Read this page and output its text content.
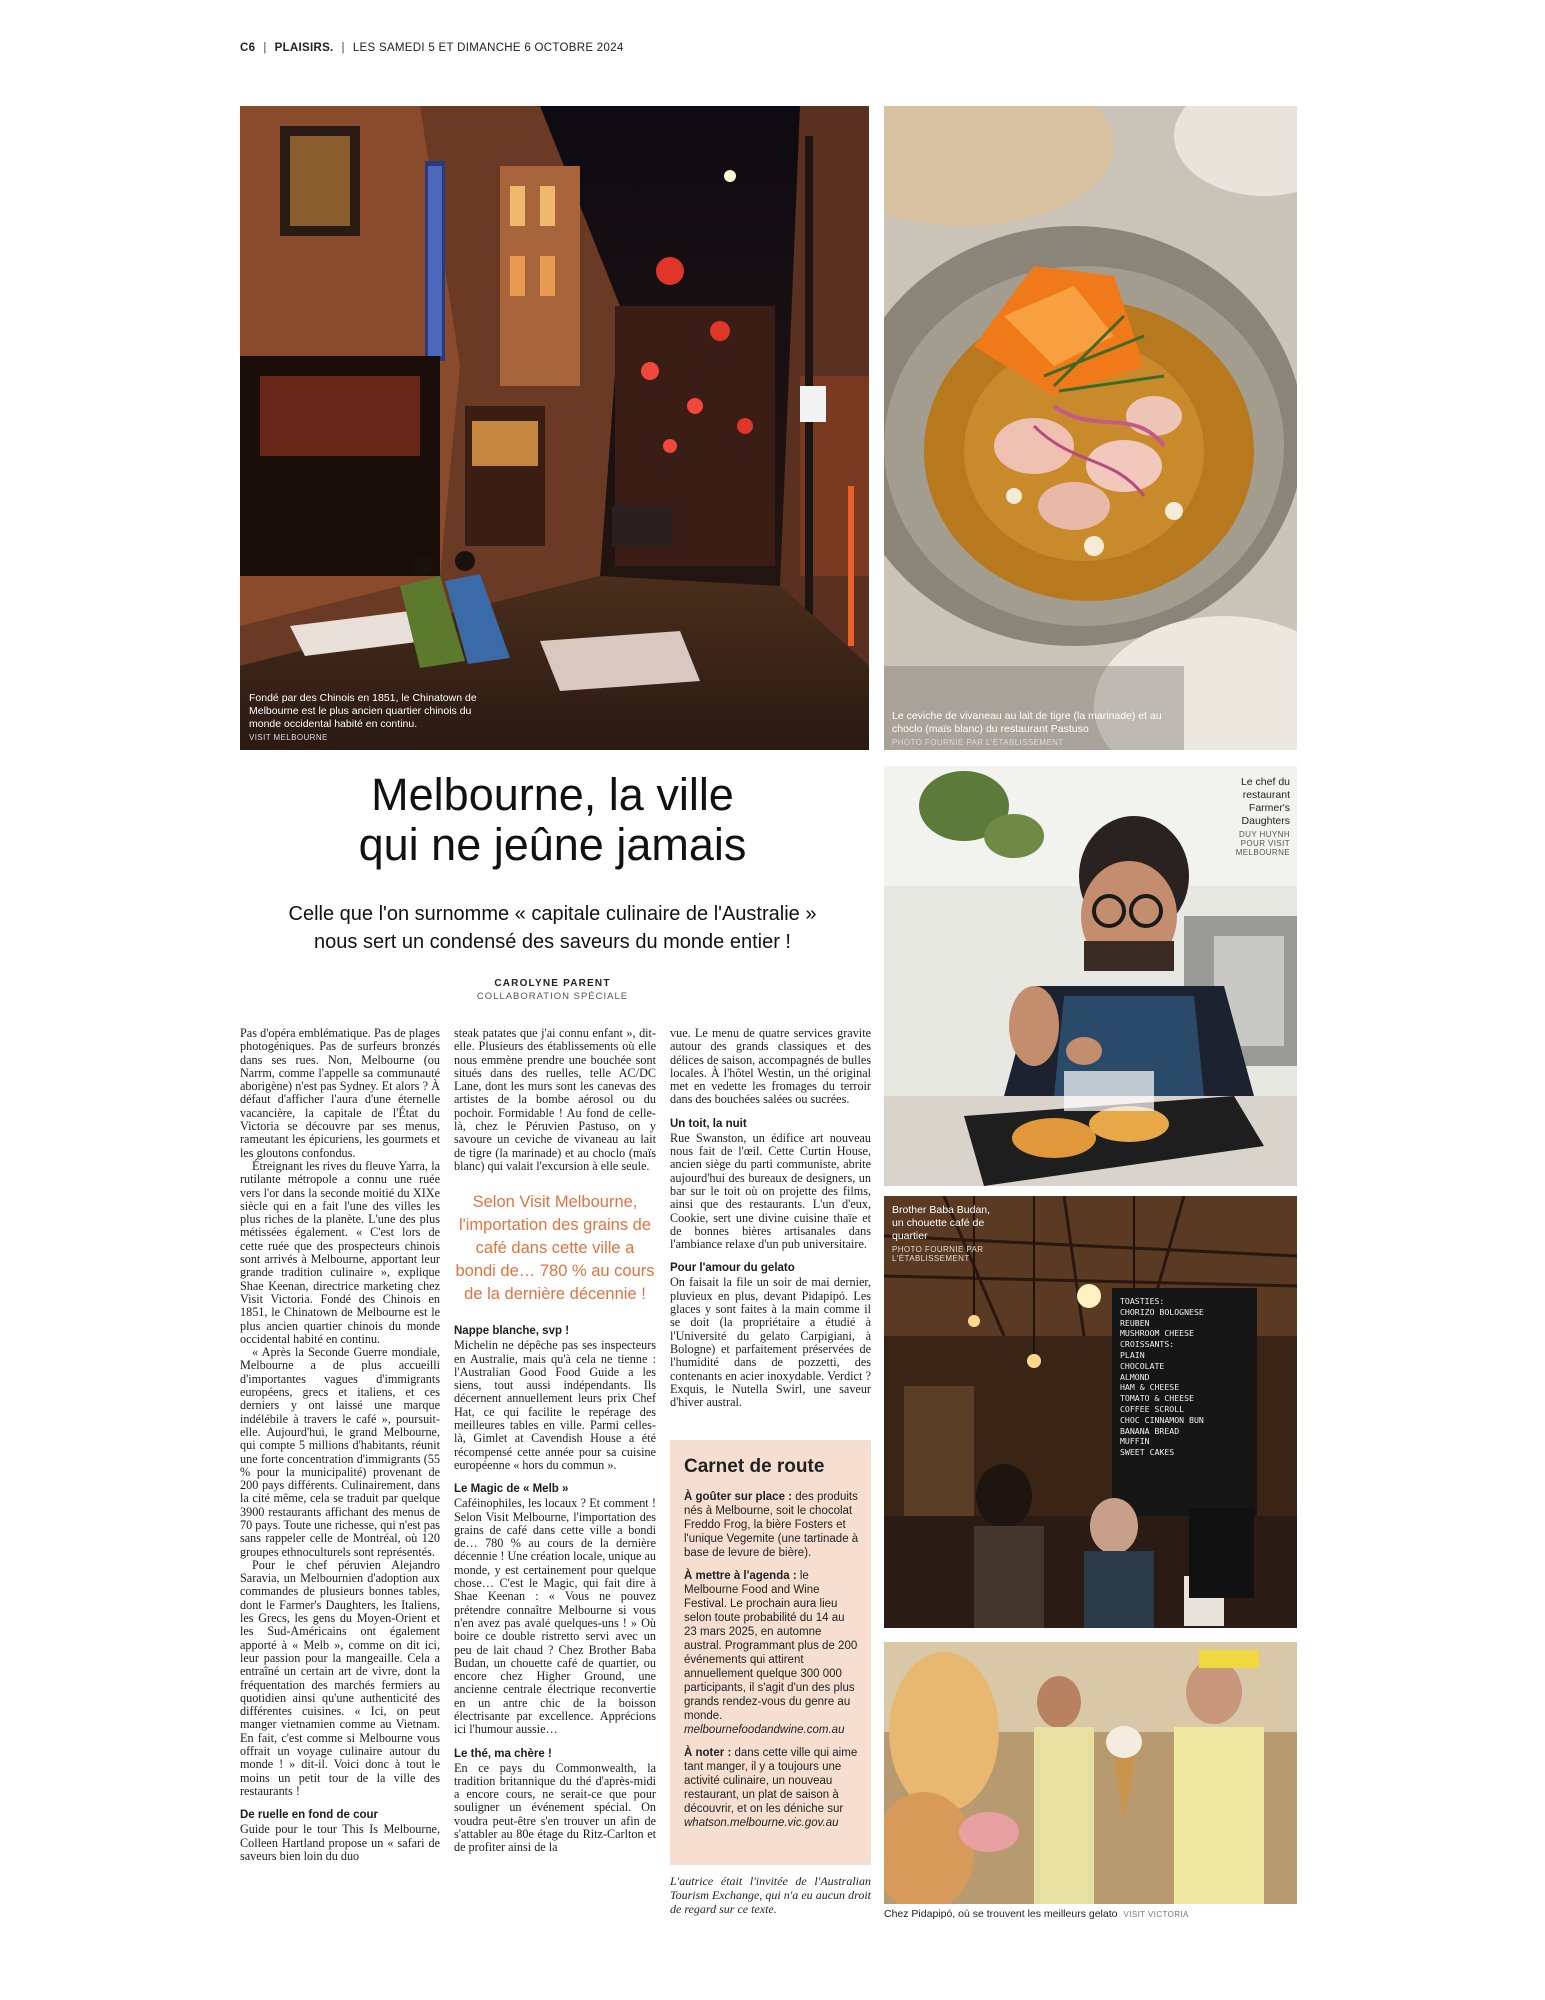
C6 | PLAISIRS. | LES SAMEDI 5 ET DIMANCHE 6 OCTOBRE 2024
Fondé par des Chinois en 1851, le Chinatown de Melbourne est le plus ancien quartier chinois du monde occidental habité en continu.
VISIT MELBOURNE
Le ceviche de vivaneau au lait de tigre (la marinade) et au choclo (maïs blanc) du restaurant Pastuso
PHOTO FOURNIE PAR L'ÉTABLISSEMENT
Le chef du restaurant Farmer's Daughters
DUY HUYNH POUR VISIT MELBOURNE
TOASTIES:
CHORIZO BOLOGNESE
REUBEN
MUSHROOM CHEESE
CROISSANTS:
PLAIN
CHOCOLATE
ALMOND
HAM & CHEESE
TOMATO & CHEESE
COFFEE SCROLL
CHOC CINNAMON BUN
BANANA BREAD
MUFFIN
SWEET CAKES
Brother Baba Budan, un chouette café de quartier
PHOTO FOURNIE PAR L'ÉTABLISSEMENT
Melbourne, la ville
qui ne jeûne jamais
Celle que l'on surnomme « capitale culinaire de l'Australie »
nous sert un condensé des saveurs du monde entier !
CAROLYNE PARENT
COLLABORATION SPÉCIALE

Pas d'opéra emblématique. Pas de plages photogéniques. Pas de surfeurs bronzés dans ses rues. Non, Melbourne (ou Narrm, comme l'appelle sa communauté aborigène) n'est pas Sydney. Et alors ? À défaut d'afficher l'aura d'une éternelle vacancière, la capitale de l'État du Victoria se découvre par ses menus, rameutant les épicuriens, les gourmets et les gloutons confondus.

Étreignant les rives du fleuve Yarra, la rutilante métropole a connu une ruée vers l'or dans la seconde moitié du XIXe siècle qui en a fait l'une des villes les plus riches de la planète. L'une des plus métissées également. « C'est lors de cette ruée que des prospecteurs chinois sont arrivés à Melbourne, apportant leur grande tradition culinaire », explique Shae Keenan, directrice marketing chez Visit Victoria. Fondé des Chinois en 1851, le Chinatown de Melbourne est le plus ancien quartier chinois du monde occidental habité en continu.

« Après la Seconde Guerre mondiale, Melbourne a de plus accueilli d'importantes vagues d'immigrants européens, grecs et italiens, et ces derniers y ont laissé une marque indélébile à travers le café », poursuit-elle. Aujourd'hui, le grand Melbourne, qui compte 5 millions d'habitants, réunit une forte concentration d'immigrants (55 % pour la municipalité) provenant de 200 pays différents. Culinairement, dans la cité même, cela se traduit par quelque 3900 restaurants affichant des menus de 70 pays. Toute une richesse, qui n'est pas sans rappeler celle de Montréal, où 120 groupes ethnoculturels sont représentés.

Pour le chef péruvien Alejandro Saravia, un Melbournien d'adoption aux commandes de plusieurs bonnes tables, dont le Farmer's Daughters, les Italiens, les Grecs, les gens du Moyen-Orient et les Sud-Américains ont également apporté à « Melb », comme on dit ici, leur passion pour la mangeaille. Cela a entraîné un certain art de vivre, dont la fréquentation des marchés fermiers au quotidien ainsi qu'une authenticité des différentes cuisines. « Ici, on peut manger vietnamien comme au Vietnam. En fait, c'est comme si Melbourne vous offrait un voyage culinaire autour du monde ! » dit-il. Voici donc à tout le moins un petit tour de la ville des restaurants !

De ruelle en fond de cour

Guide pour le tour This Is Melbourne, Colleen Hartland propose un « safari de saveurs bien loin du duo

steak patates que j'ai connu enfant », dit-elle. Plusieurs des établissements où elle nous emmène prendre une bouchée sont situés dans des ruelles, telle AC/DC Lane, dont les murs sont les canevas des artistes de la bombe aérosol ou du pochoir. Formidable ! Au fond de celle-là, chez le Péruvien Pastuso, on y savoure un ceviche de vivaneau au lait de tigre (la marinade) et au choclo (maïs blanc) qui valait l'excursion à elle seule.

Selon Visit Melbourne, l'importation des grains de café dans cette ville a bondi de… 780 % au cours de la dernière décennie !
Nappe blanche, svp !

Michelin ne dépêche pas ses inspecteurs en Australie, mais qu'à cela ne tienne : l'Australian Good Food Guide a les siens, tout aussi indépendants. Ils décernent annuellement leurs prix Chef Hat, ce qui facilite le repérage des meilleures tables en ville. Parmi celles-là, Gimlet at Cavendish House a été récompensé cette année pour sa cuisine européenne « hors du commun ».

Le Magic de « Melb »

Caféinophiles, les locaux ? Et comment ! Selon Visit Melbourne, l'importation des grains de café dans cette ville a bondi de… 780 % au cours de la dernière décennie ! Une création locale, unique au monde, y est certainement pour quelque chose… C'est le Magic, qui fait dire à Shae Keenan : « Vous ne pouvez prétendre connaître Melbourne si vous n'en avez pas avalé quelques-uns ! » Où boire ce double ristretto servi avec un peu de lait chaud ? Chez Brother Baba Budan, un chouette café de quartier, ou encore chez Higher Ground, une ancienne centrale électrique reconvertie en un antre chic de la boisson électrisante par excellence. Apprécions ici l'humour aussie…

Le thé, ma chère !

En ce pays du Commonwealth, la tradition britannique du thé d'après-midi a encore cours, ne serait-ce que pour souligner un événement spécial. On voudra peut-être s'en trouver un afin de s'attabler au 80e étage du Ritz-Carlton et de profiter ainsi de la

vue. Le menu de quatre services gravite autour des grands classiques et des délices de saison, accompagnés de bulles locales. À l'hôtel Westin, un thé original met en vedette les fromages du terroir dans des bouchées salées ou sucrées.

Un toit, la nuit

Rue Swanston, un édifice art nouveau nous fait de l'œil. Cette Curtin House, ancien siège du parti communiste, abrite aujourd'hui des bureaux de designers, un bar sur le toit où on projette des films, ainsi que des restaurants. L'un d'eux, Cookie, sert une divine cuisine thaïe et de bonnes bières artisanales dans l'ambiance relaxe d'un pub universitaire.

Pour l'amour du gelato

On faisait la file un soir de mai dernier, pluvieux en plus, devant Pidapipó. Les glaces y sont faites à la main comme il se doit (la propriétaire a étudié à l'Université du gelato Carpigiani, à Bologne) et parfaitement préservées de l'humidité dans de pozzetti, des contenants en acier inoxydable. Verdict ? Exquis, le Nutella Swirl, une saveur d'hiver austral.

Carnet de route

À goûter sur place : des produits nés à Melbourne, soit le chocolat Freddo Frog, la bière Fosters et l'unique Vegemite (une tartinade à base de levure de bière).

À mettre à l'agenda : le Melbourne Food and Wine Festival. Le prochain aura lieu selon toute probabilité du 14 au 23 mars 2025, en automne austral. Programmant plus de 200 événements qui attirent annuellement quelque 300 000 participants, il s'agit d'un des plus grands rendez-vous du genre au monde. melbournefoodandwine.com.au

À noter : dans cette ville qui aime tant manger, il y a toujours une activité culinaire, un nouveau restaurant, un plat de saison à découvrir, et on les déniche sur whatson.melbourne.vic.gov.au

L'autrice était l'invitée de l'Australian Tourism Exchange, qui n'a eu aucun droit de regard sur ce texte.	Chez Pidapipó, où se trouvent les meilleurs gelato VISIT VICTORIA
